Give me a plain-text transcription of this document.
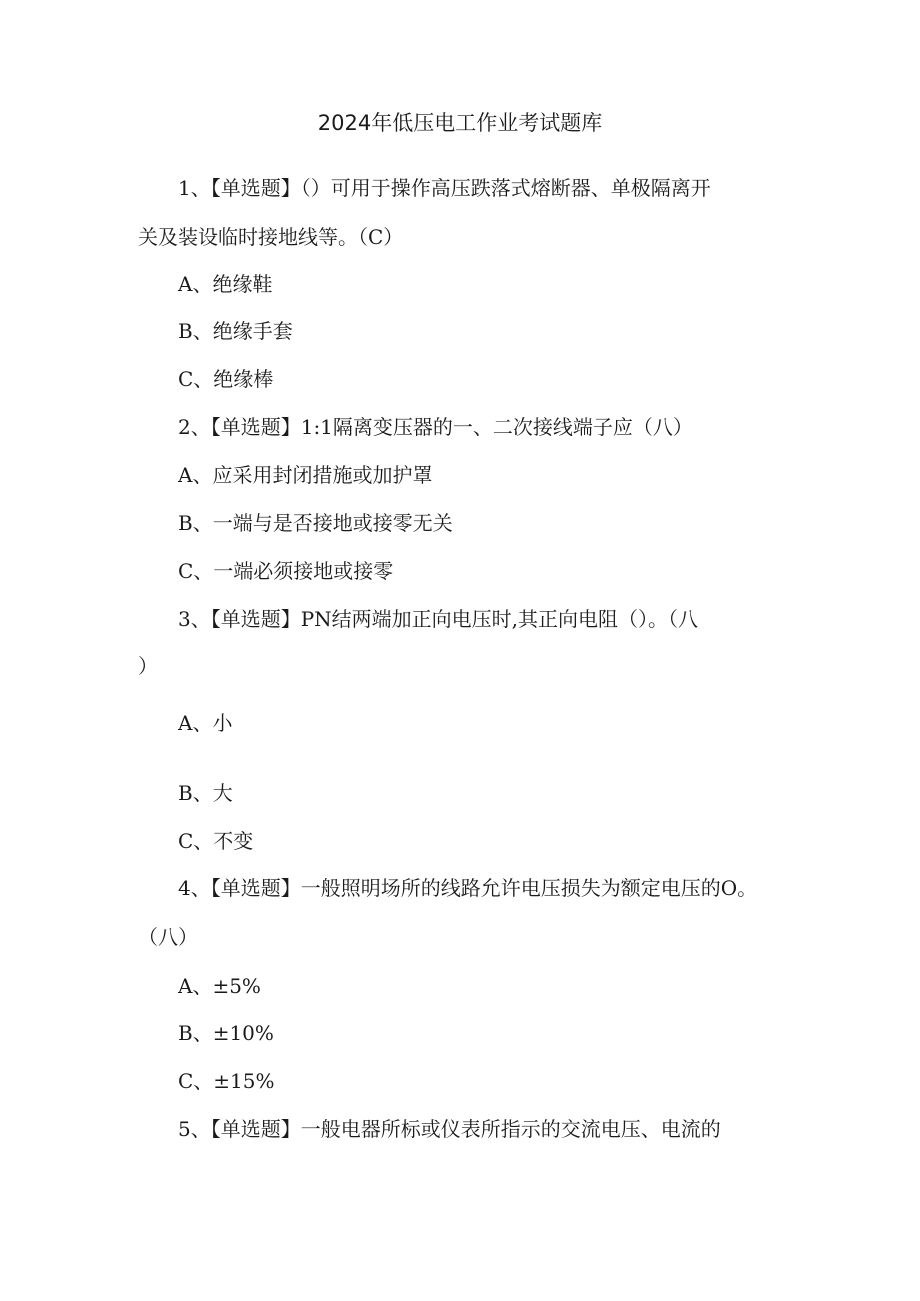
2024年低压电工作业考试题库
1、【单选题】（）可用于操作高压跌落式熔断器、单极隔离开
关及装设临时接地线等。（C）
A、绝缘鞋
B、绝缘手套
C、绝缘棒
2、【单选题】1:1隔离变压器的一、二次接线端子应（八）
A、应采用封闭措施或加护罩
B、一端与是否接地或接零无关
C、一端必须接地或接零
3、【单选题】PN结两端加正向电压时,其正向电阻（）。（八
）
A、小
B、大
C、不变
4、【单选题】一般照明场所的线路允许电压损失为额定电压的O。
（八）
A、±5%
B、±10%
C、±15%
5、【单选题】一般电器所标或仪表所指示的交流电压、电流的
